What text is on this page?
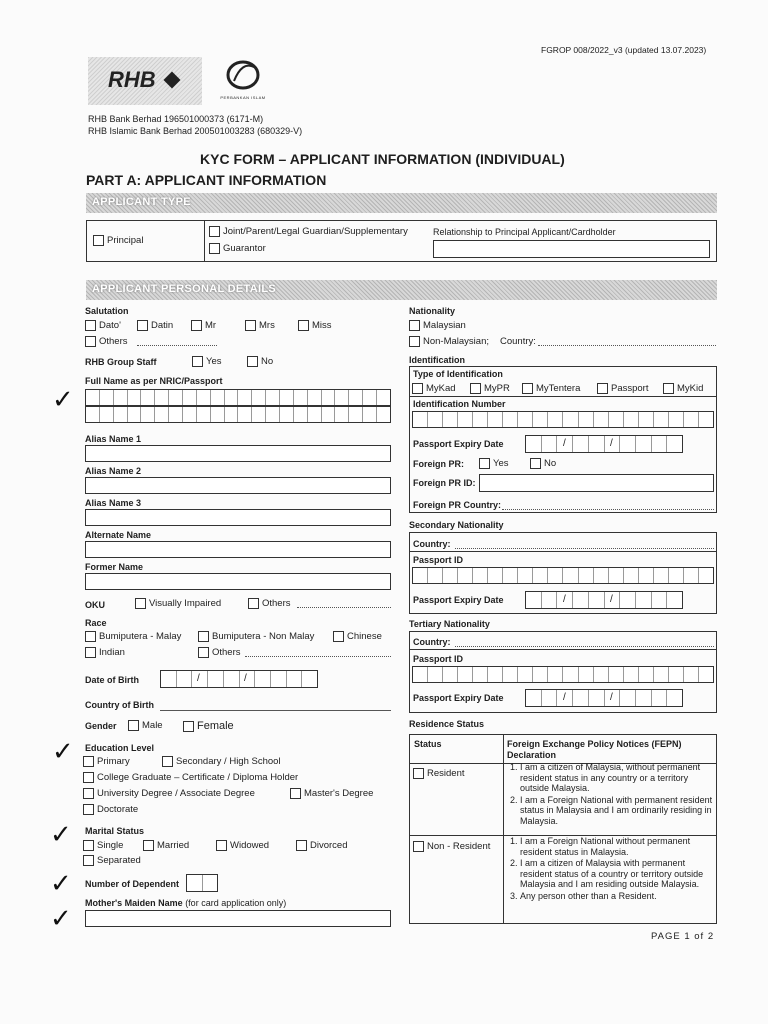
FGROP 008/2022_v3 (updated 13.07.2023)
RHB
PERBANKAN ISLAM
RHB Bank Berhad 196501000373 (6171-M)
RHB Islamic Bank Berhad 200501003283 (680329-V)
KYC FORM – APPLICANT INFORMATION (INDIVIDUAL)
PART A: APPLICANT INFORMATION
APPLICANT TYPE
Principal
Joint/Parent/Legal Guardian/Supplementary
Guarantor
Relationship to Principal Applicant/Cardholder
APPLICANT PERSONAL DETAILS
Salutation
Dato'	Datin	Mr	Mrs	Miss
Others
RHB Group Staff	Yes	No
Full Name as per NRIC/Passport
Alias Name 1
Alias Name 2
Alias Name 3
Alternate Name
Former Name
OKU	Visually Impaired	Others
Race
Bumiputera - Malay	Bumiputera - Non Malay	Chinese
Indian	Others
Date of Birth	/	/
Country of Birth
Gender	Male	Female
Education Level
Primary	Secondary / High School
College Graduate – Certificate / Diploma Holder
University Degree / Associate Degree	Master's Degree
Doctorate
Marital Status
Single	Married	Widowed	Divorced
Separated
Number of Dependent
Mother's Maiden Name (for card application only)
Nationality
Malaysian
Non-Malaysian; Country:
Identification
Type of Identification
MyKad	MyPR	MyTentera	Passport	MyKid
Identification Number
Passport Expiry Date	/	/
Foreign PR:	Yes	No
Foreign PR ID:
Foreign PR Country:
Secondary Nationality
Country:
Passport ID
Passport Expiry Date	/	/
Tertiary Nationality
Country:
Passport ID
Passport Expiry Date	/	/
Residence Status
Status	Foreign Exchange Policy Notices (FEPN) Declaration
Resident
1. I am a citizen of Malaysia, without permanent resident status in any country or a territory outside Malaysia.
2. I am a Foreign National with permanent resident status in Malaysia and I am ordinarily residing in Malaysia.
Non - Resident
1.	I am a Foreign National without permanent resident status in Malaysia.
2. I am a citizen of Malaysia with permanent resident status of a country or territory outside Malaysia and I am residing outside Malaysia.
3. Any person other than a Resident.
✓
✓
✓
✓
✓
PAGE 1 of 2
